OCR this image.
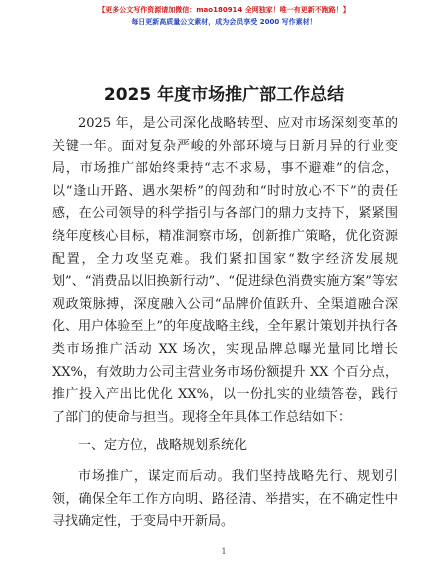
【更多公文写作资源请加微信：mao180914 全网独家！唯一有更新不跑路！】
每日更新高质量公文素材，成为会员享受 2000 写作素材！
2025 年度市场推广部工作总结

2025 年，是公司深化战略转型、应对市场深刻变革的关键一年。面对复杂严峻的外部环境与日新月异的行业变局，市场推广部始终秉持“志不求易，事不避难”的信念，以“逢山开路、遇水架桥”的闯劲和“时时放心不下”的责任感，在公司领导的科学指引与各部门的鼎力支持下，紧紧围绕年度核心目标，精准洞察市场，创新推广策略，优化资源配置，全力攻坚克难。我们紧扣国家“数字经济发展规划”、“消费品以旧换新行动”、“促进绿色消费实施方案”等宏观政策脉搏，深度融入公司“品牌价值跃升、全渠道融合深化、用户体验至上”的年度战略主线，全年累计策划并执行各类市场推广活动 XX 场次，实现品牌总曝光量同比增长 XX%，有效助力公司主营业务市场份额提升 XX 个百分点，推广投入产出比优化 XX%，以一份扎实的业绩答卷，践行了部门的使命与担当。现将全年具体工作总结如下：

一、定方位，战略规划系统化

市场推广，谋定而后动。我们坚持战略先行、规划引领，确保全年工作方向明、路径清、举措实，在不确定性中寻找确定性，于变局中开新局。

1
